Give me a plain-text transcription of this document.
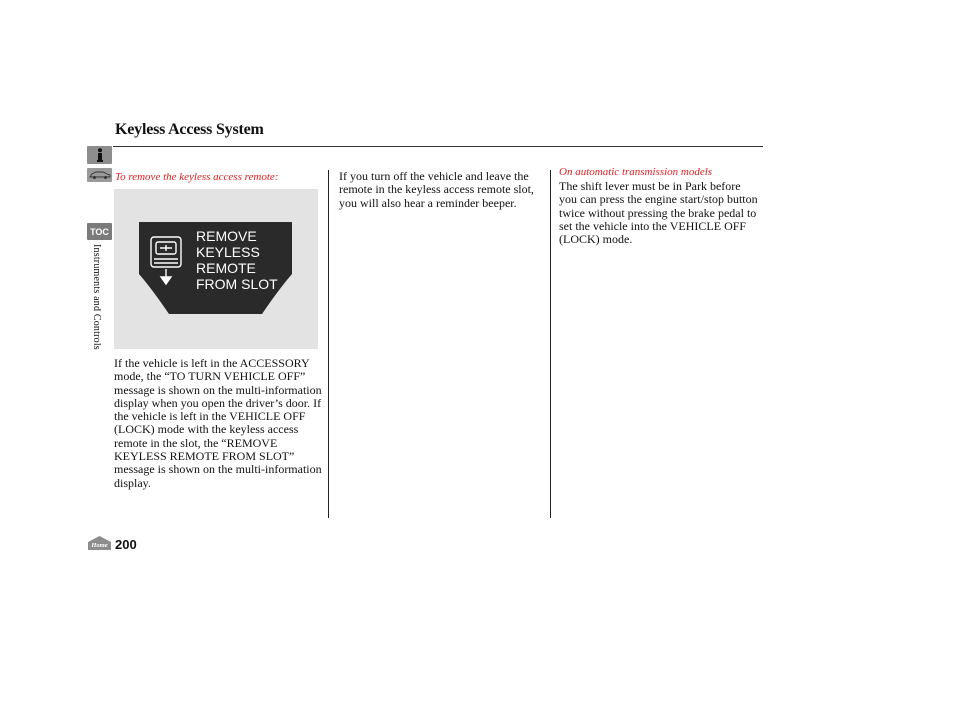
Keyless Access System
TOC
Instruments and Controls
To remove the keyless access remote:
REMOVE
KEYLESS
REMOTE
FROM SLOT
If the vehicle is left in the ACCESSORY mode, the “TO TURN VEHICLE OFF” message is shown on the multi-information display when you open the driver’s door. If the vehicle is left in the VEHICLE OFF (LOCK) mode with the keyless access remote in the slot, the “REMOVE KEYLESS REMOTE FROM SLOT” message is shown on the multi-information display.
If you turn off the vehicle and leave the remote in the keyless access remote slot, you will also hear a reminder beeper.
On automatic transmission models
The shift lever must be in Park before you can press the engine start/stop button twice without pressing the brake pedal to set the vehicle into the VEHICLE OFF (LOCK) mode.
Home 200
